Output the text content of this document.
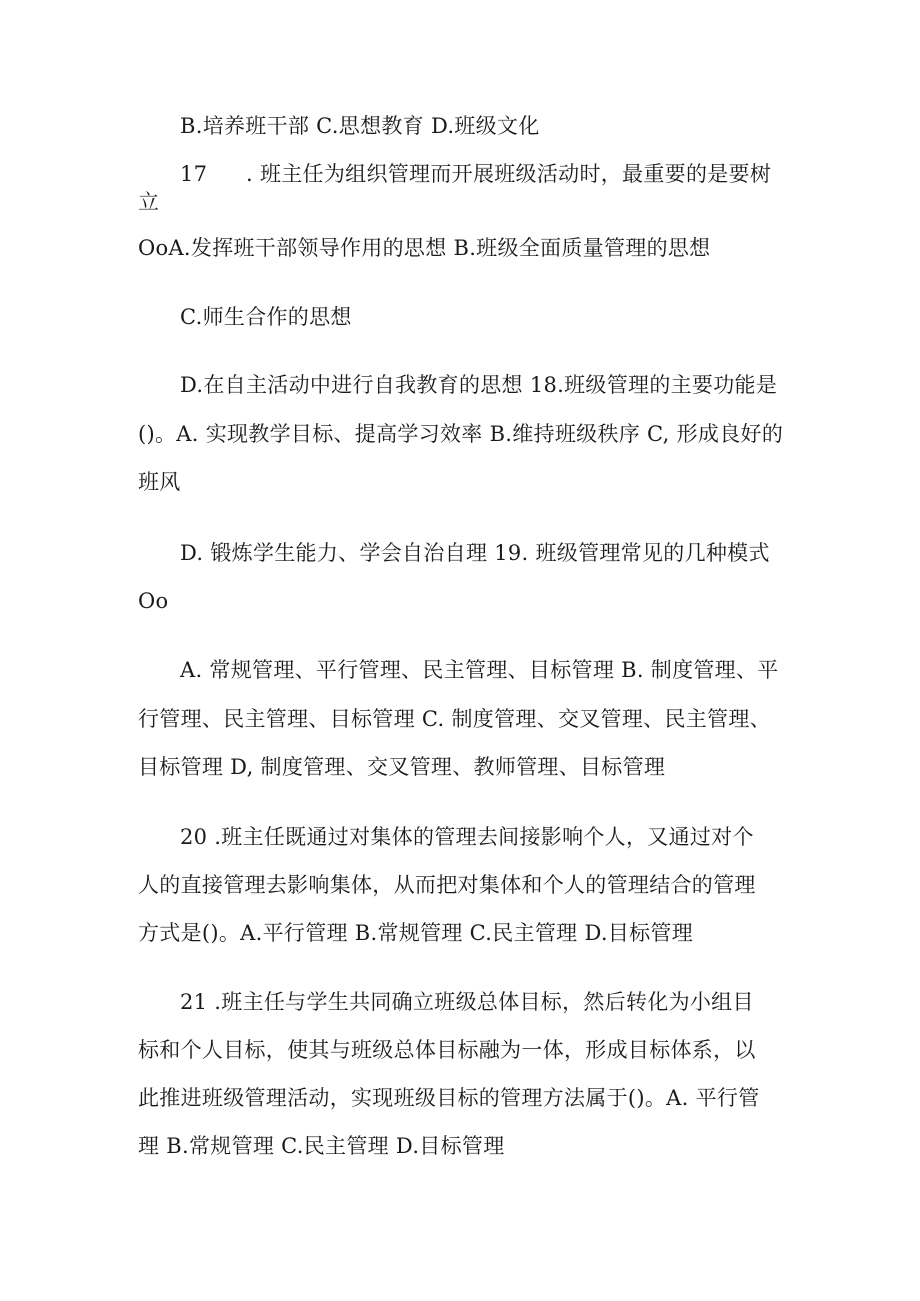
B.培养班干部 C.思想教育 D.班级文化

17 . 班主任为组织管理而开展班级活动时，最重要的是要树

立

OoA.发挥班干部领导作用的思想 B.班级全面质量管理的思想

C.师生合作的思想

D.在自主活动中进行自我教育的思想 18.班级管理的主要功能是

()。A. 实现教学目标、提高学习效率 B.维持班级秩序 C, 形成良好的

班风

D. 锻炼学生能力、学会自治自理 19. 班级管理常见的几种模式

Oo

A. 常规管理、平行管理、民主管理、目标管理 B. 制度管理、平

行管理、民主管理、目标管理 C. 制度管理、交叉管理、民主管理、

目标管理 D, 制度管理、交叉管理、教师管理、目标管理

20 .班主任既通过对集体的管理去间接影响个人，又通过对个

人的直接管理去影响集体，从而把对集体和个人的管理结合的管理

方式是()。A.平行管理 B.常规管理 C.民主管理 D.目标管理

21 .班主任与学生共同确立班级总体目标，然后转化为小组目

标和个人目标，使其与班级总体目标融为一体，形成目标体系，以

此推进班级管理活动，实现班级目标的管理方法属于()。A. 平行管

理 B.常规管理 C.民主管理 D.目标管理
